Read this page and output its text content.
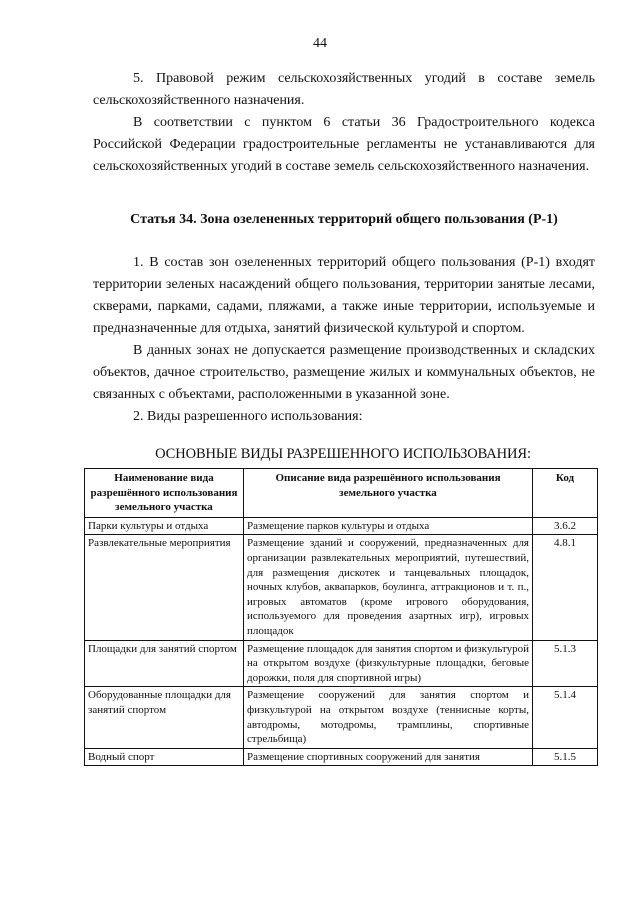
44

5. Правовой режим сельскохозяйственных угодий в составе земель сельскохозяйственного назначения.

В соответствии с пунктом 6 статьи 36 Градостроительного кодекса Российской Федерации градостроительные регламенты не устанавливаются для сельскохозяйственных угодий в составе земель сельскохозяйственного назначения.

Статья 34. Зона озелененных территорий общего пользования (Р-1)

1. В состав зон озелененных территорий общего пользования (Р-1) входят территории зеленых насаждений общего пользования, территории занятые лесами, скверами, парками, садами, пляжами, а также иные территории, используемые и предназначенные для отдыха, занятий физической культурой и спортом.

В данных зонах не допускается размещение производственных и складских объектов, дачное строительство, размещение жилых и коммунальных объектов, не связанных с объектами, расположенными в указанной зоне.

2. Виды разрешенного использования:

ОСНОВНЫЕ ВИДЫ РАЗРЕШЕННОГО ИСПОЛЬЗОВАНИЯ:
Наименование вида разрешённого использования земельного участка	Описание вида разрешённого использования земельного участка	Код
Парки культуры и отдыха	Размещение парков культуры и отдыха	3.6.2
Развлекательные мероприятия	Размещение зданий и сооружений, предназначенных для организации развлекательных мероприятий, путешествий, для размещения дискотек и танцевальных площадок, ночных клубов, аквапарков, боулинга, аттракционов и т. п., игровых автоматов (кроме игрового оборудования, используемого для проведения азартных игр), игровых площадок	4.8.1
Площадки для занятий спортом	Размещение площадок для занятия спортом и физкультурой на открытом воздухе (физкультурные площадки, беговые дорожки, поля для спортивной игры)	5.1.3
Оборудованные площадки для занятий спортом	Размещение сооружений для занятия спортом и физкультурой на открытом воздухе (теннисные корты, автодромы, мотодромы, трамплины, спортивные стрельбища)	5.1.4
Водный спорт	Размещение спортивных сооружений для занятия	5.1.5
